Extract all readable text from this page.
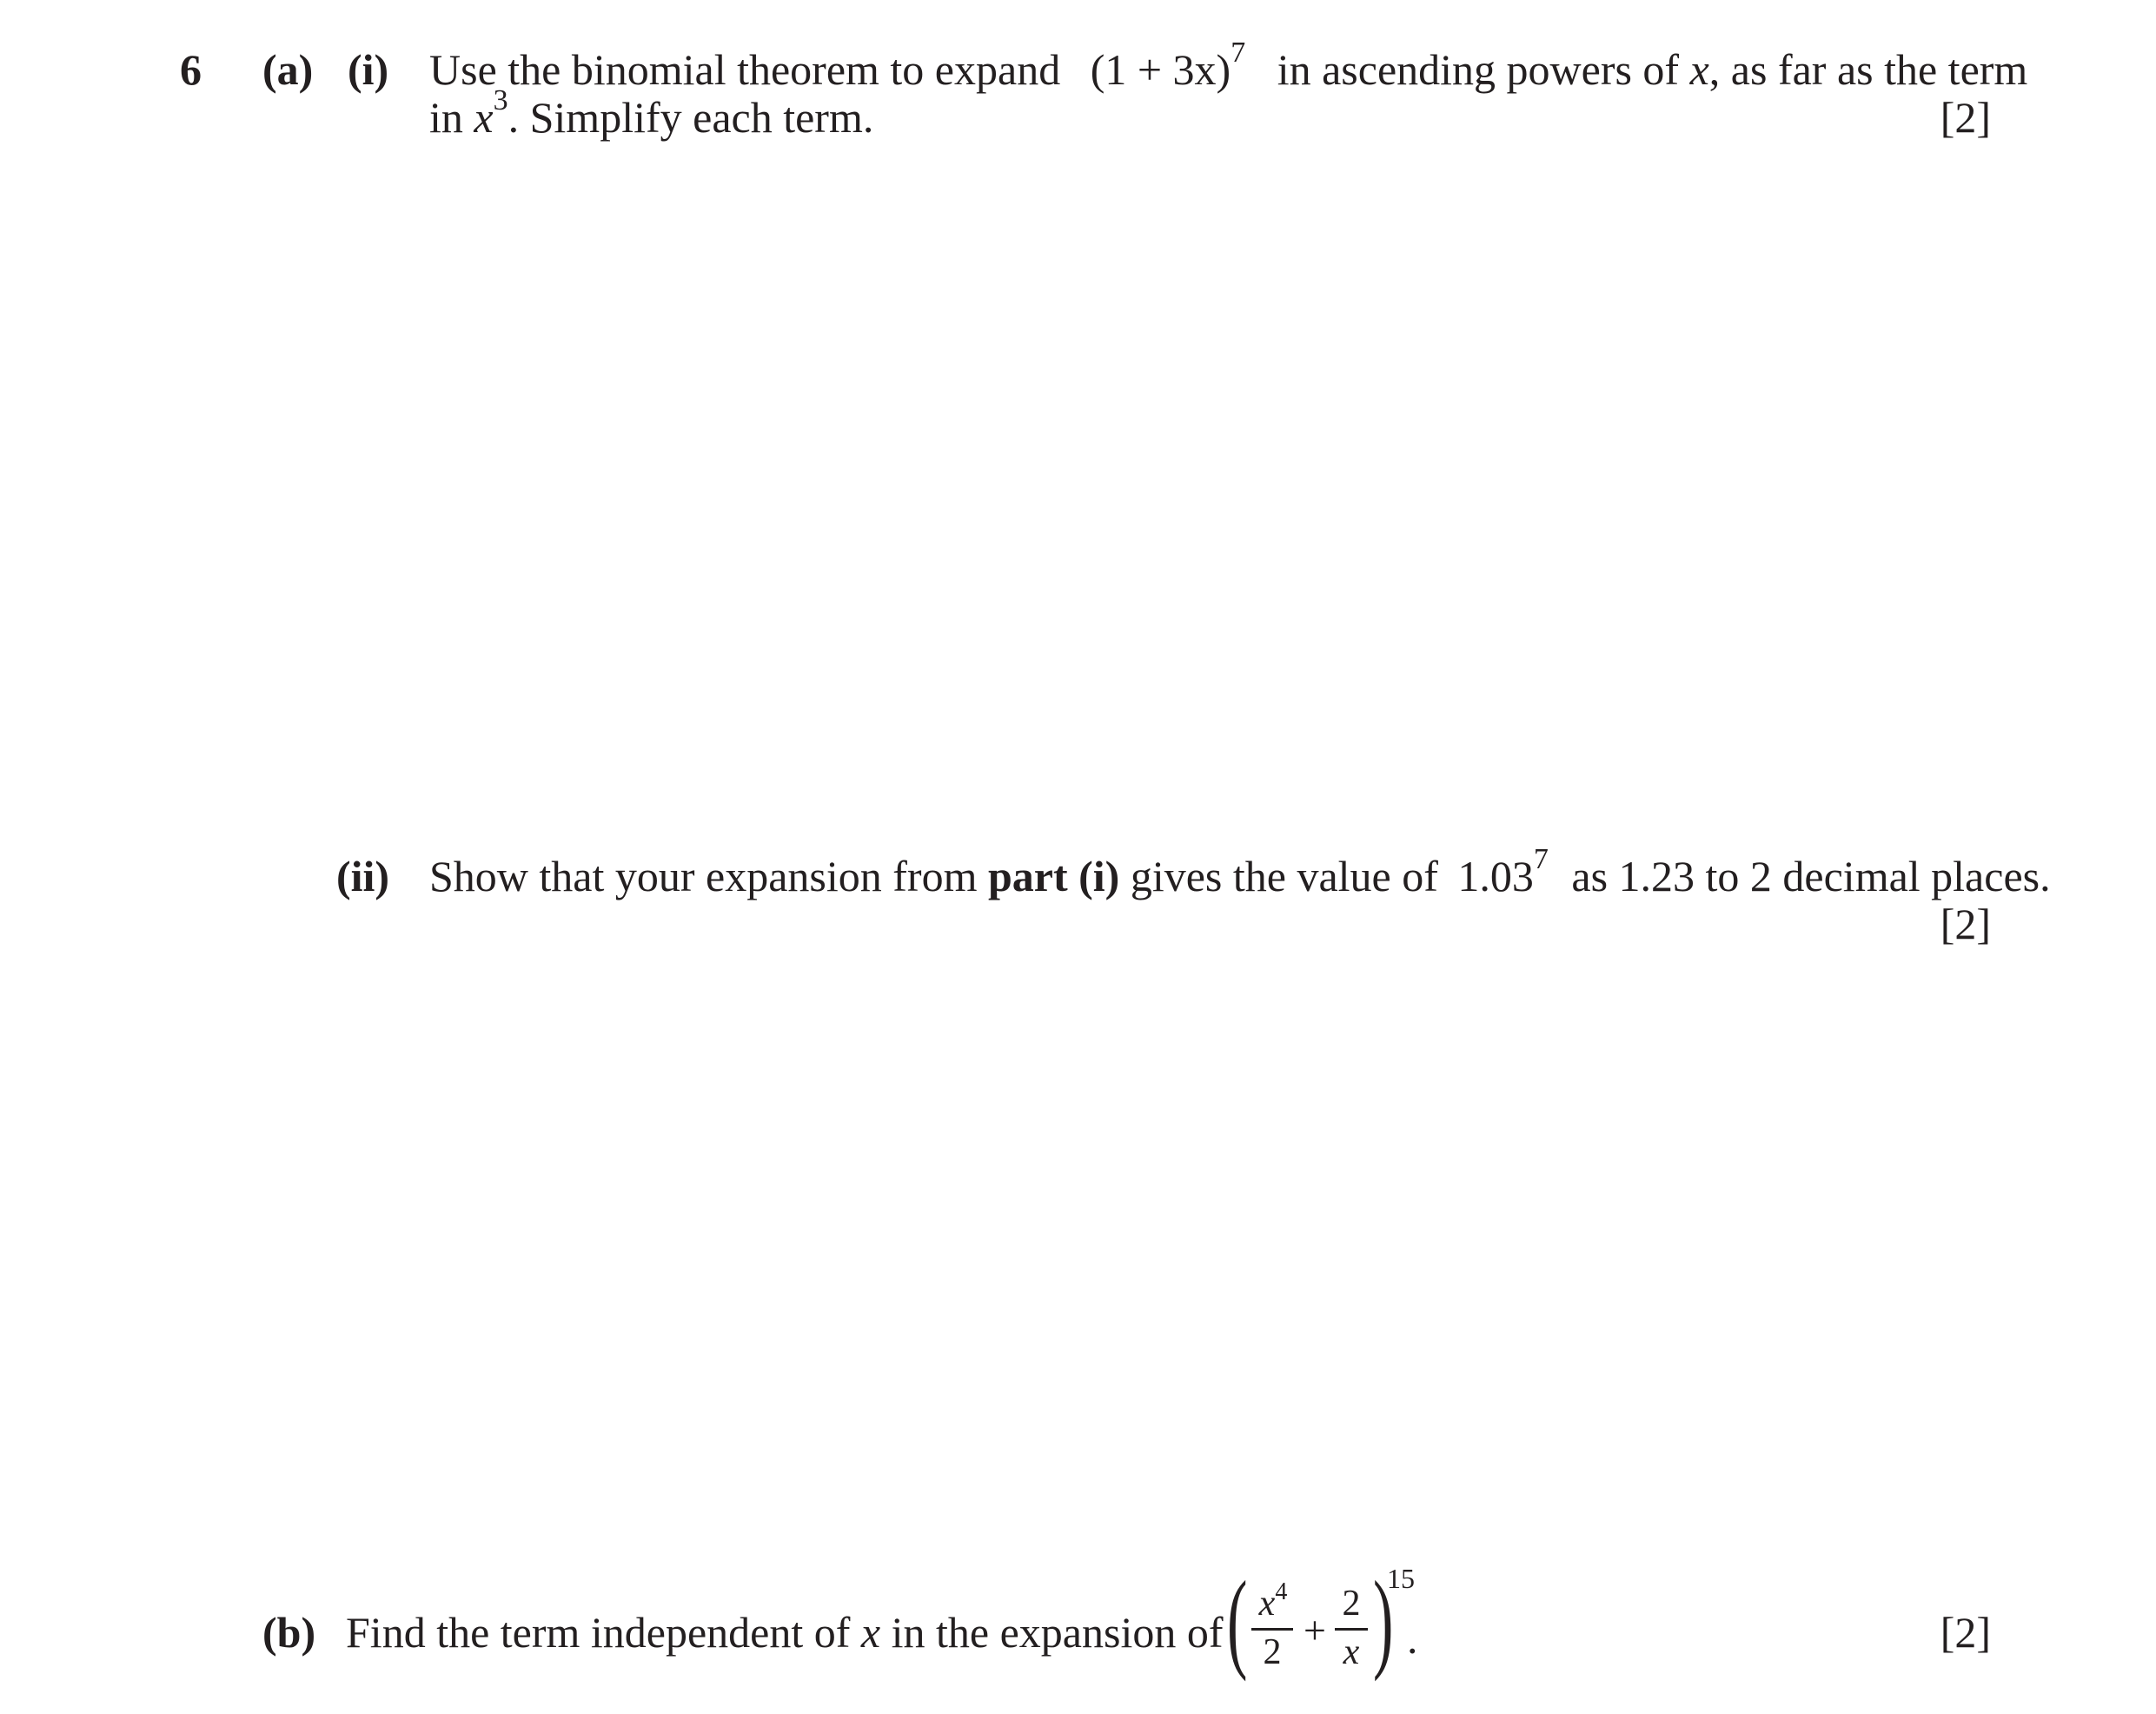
6 (a) (i) Use the binomial theorem to expand $(1 + 3x)^7$ in ascending powers of x, as far as the term
in $x^3$. Simplify each term.	[2]
(ii) Show that your expansion from part (i) gives the value of 1.03$^7$ as 1.23 to 2 decimal places.
[2]
(b) Find the term independent of x in the expansion of ( $x^4$
2 +
2
x )
15
.	[2]
